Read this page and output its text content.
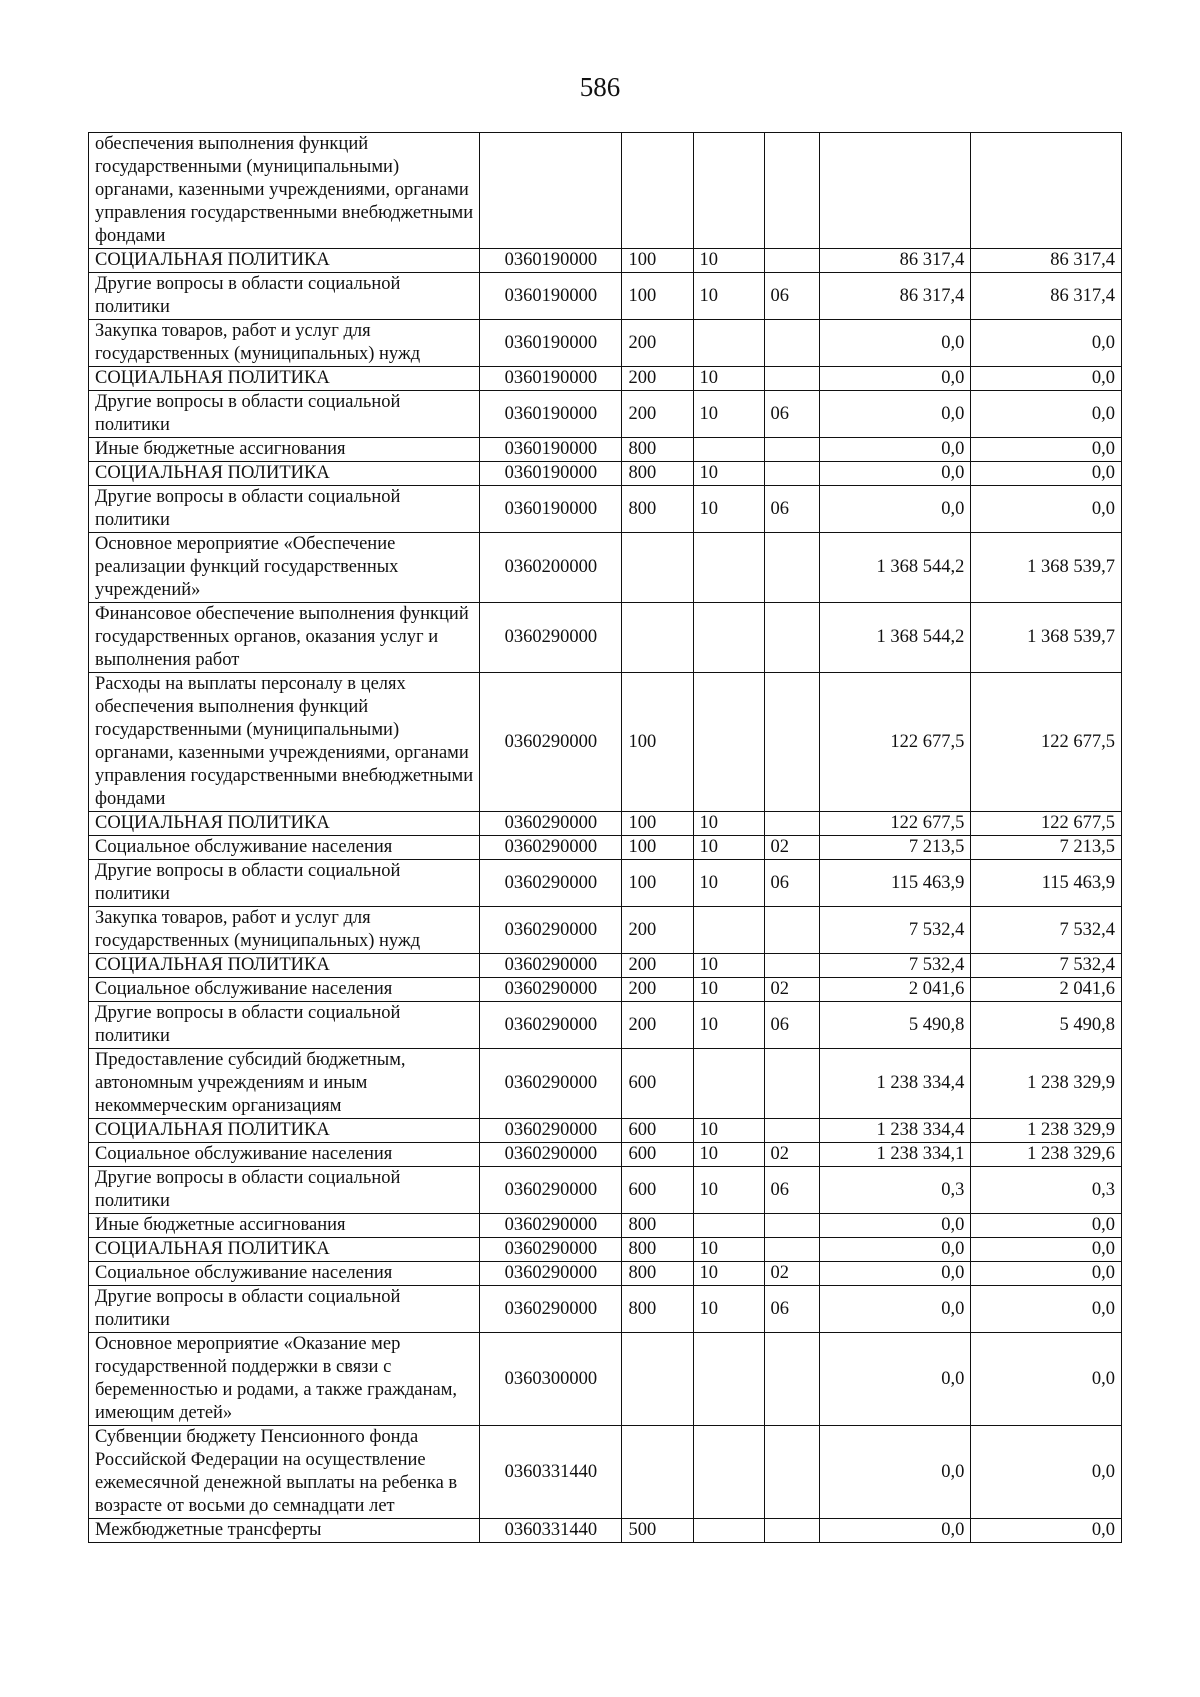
586
обеспечения выполнения функций государственными (муниципальными) органами, казенными учреждениями, органами управления государственными внебюджетными фондами						
СОЦИАЛЬНАЯ ПОЛИТИКА	0360190000	100	10		86 317,4	86 317,4
Другие вопросы в области социальной политики	0360190000	100	10	06	86 317,4	86 317,4
Закупка товаров, работ и услуг для государственных (муниципальных) нужд	0360190000	200			0,0	0,0
СОЦИАЛЬНАЯ ПОЛИТИКА	0360190000	200	10		0,0	0,0
Другие вопросы в области социальной политики	0360190000	200	10	06	0,0	0,0
Иные бюджетные ассигнования	0360190000	800			0,0	0,0
СОЦИАЛЬНАЯ ПОЛИТИКА	0360190000	800	10		0,0	0,0
Другие вопросы в области социальной политики	0360190000	800	10	06	0,0	0,0
Основное мероприятие «Обеспечение реализации функций государственных учреждений»	0360200000				1 368 544,2	1 368 539,7
Финансовое обеспечение выполнения функций государственных органов, оказания услуг и выполнения работ	0360290000				1 368 544,2	1 368 539,7
Расходы на выплаты персоналу в целях обеспечения выполнения функций государственными (муниципальными) органами, казенными учреждениями, органами управления государственными внебюджетными фондами	0360290000	100			122 677,5	122 677,5
СОЦИАЛЬНАЯ ПОЛИТИКА	0360290000	100	10		122 677,5	122 677,5
Социальное обслуживание населения	0360290000	100	10	02	7 213,5	7 213,5
Другие вопросы в области социальной политики	0360290000	100	10	06	115 463,9	115 463,9
Закупка товаров, работ и услуг для государственных (муниципальных) нужд	0360290000	200			7 532,4	7 532,4
СОЦИАЛЬНАЯ ПОЛИТИКА	0360290000	200	10		7 532,4	7 532,4
Социальное обслуживание населения	0360290000	200	10	02	2 041,6	2 041,6
Другие вопросы в области социальной политики	0360290000	200	10	06	5 490,8	5 490,8
Предоставление субсидий бюджетным, автономным учреждениям и иным некоммерческим организациям	0360290000	600			1 238 334,4	1 238 329,9
СОЦИАЛЬНАЯ ПОЛИТИКА	0360290000	600	10		1 238 334,4	1 238 329,9
Социальное обслуживание населения	0360290000	600	10	02	1 238 334,1	1 238 329,6
Другие вопросы в области социальной политики	0360290000	600	10	06	0,3	0,3
Иные бюджетные ассигнования	0360290000	800			0,0	0,0
СОЦИАЛЬНАЯ ПОЛИТИКА	0360290000	800	10		0,0	0,0
Социальное обслуживание населения	0360290000	800	10	02	0,0	0,0
Другие вопросы в области социальной политики	0360290000	800	10	06	0,0	0,0
Основное мероприятие «Оказание мер государственной поддержки в связи с беременностью и родами, а также гражданам, имеющим детей»	0360300000				0,0	0,0
Субвенции бюджету Пенсионного фонда Российской Федерации на осуществление ежемесячной денежной выплаты на ребенка в возрасте от восьми до семнадцати лет	0360331440				0,0	0,0
Межбюджетные трансферты	0360331440	500			0,0	0,0
